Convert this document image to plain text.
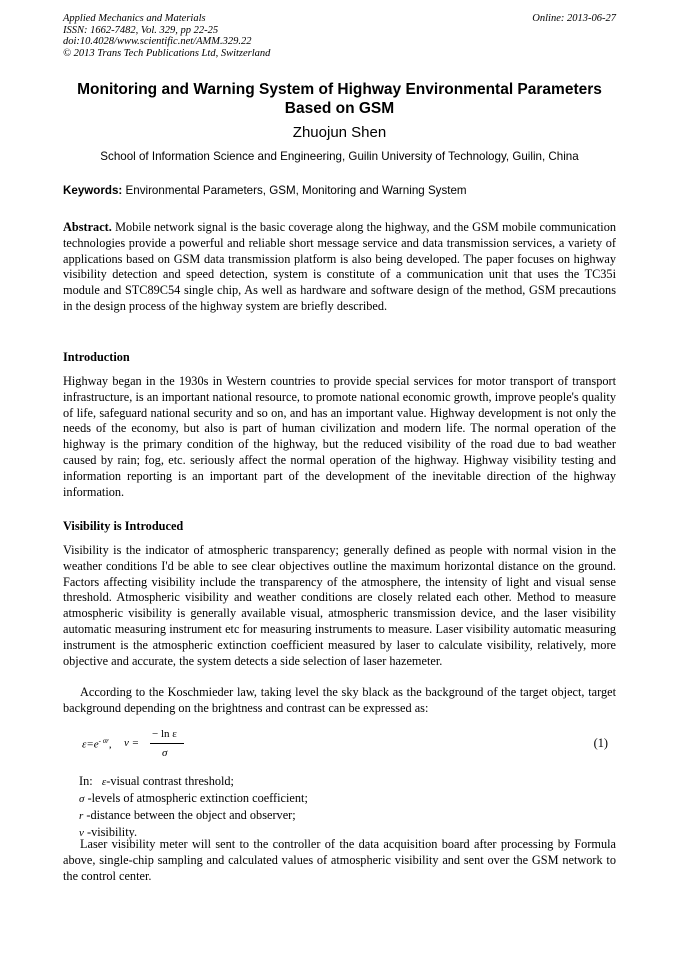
Applied Mechanics and Materials
ISSN: 1662-7482, Vol. 329, pp 22-25
doi:10.4028/www.scientific.net/AMM.329.22
© 2013 Trans Tech Publications Ltd, Switzerland
Online: 2013-06-27
Monitoring and Warning System of Highway Environmental Parameters Based on GSM
Zhuojun Shen
School of Information Science and Engineering, Guilin University of Technology, Guilin, China
Keywords: Environmental Parameters, GSM, Monitoring and Warning System
Abstract. Mobile network signal is the basic coverage along the highway, and the GSM mobile communication technologies provide a powerful and reliable short message service and data transmission services, a variety of applications based on GSM data transmission platform is also being developed. The paper focuses on highway visibility detection and speed detection, system is constitute of a communication unit that uses the TC35i module and STC89C54 single chip, As well as hardware and software design of the method, GSM precautions in the design process of the highway system are briefly described.
Introduction
Highway began in the 1930s in Western countries to provide special services for motor transport of transport infrastructure, is an important national resource, to promote national economic growth, improve people's quality of life, safeguard national security and so on, and has an important value. Highway development is not only the needs of the economy, but also is part of human civilization and modern life. The normal operation of the highway is the primary condition of the highway, but the reduced visibility of the road due to bad weather caused by rain; fog, etc. seriously affect the normal operation of the highway. Highway visibility testing and information reporting is an important part of the development of the inevitable direction of the highway information.
Visibility is Introduced
Visibility is the indicator of atmospheric transparency; generally defined as people with normal vision in the weather conditions I'd be able to see clear objectives outline the maximum horizontal distance on the ground. Factors affecting visibility include the transparency of the atmosphere, the intensity of light and visual sense threshold. Atmospheric visibility and weather conditions are closely related each other. Method to measure atmospheric visibility is generally available visual, atmospheric transmission device, and the laser visibility automatic measuring instrument etc for measuring instruments to measure. Laser visibility automatic measuring instrument is the atmospheric extinction coefficient measured by laser to calculate visibility, relatively, more objective and accurate, the system detects a side selection of laser hazemeter.
According to the Koschmieder law, taking level the sky black as the background of the target object, target background depending on the brightness and contrast can be expressed as:
$\varepsilon=e^{- \sigma r}$, v =
− ln ε
σ
(1)
In: ε-visual contrast threshold;
σ -levels of atmospheric extinction coefficient;
r -distance between the object and observer;
v -visibility.
Laser visibility meter will sent to the controller of the data acquisition board after processing by Formula above, single-chip sampling and calculated values of atmospheric visibility and sent over the GSM network to the control center.
